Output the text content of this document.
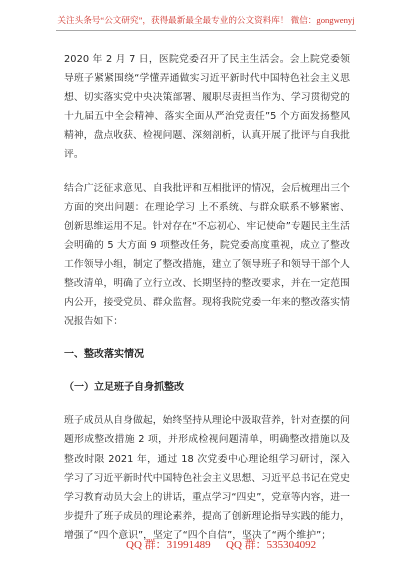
关注头条号“公文研究”，获得最新最全最专业的公文资料库！ 微信：gongwenyj

2020 年 2 月 7 日，医院党委召开了民主生活会。会上院党委领导班子紧紧围绕“学懂弄通做实习近平新时代中国特色社会主义思想、切实落实党中央决策部署、履职尽责担当作为、学习贯彻党的十九届五中全会精神、落实全面从严治党责任”5 个方面发扬整风精神，盘点收获、检视问题、深刻剖析，认真开展了批评与自我批评。

结合广泛征求意见、自我批评和互相批评的情况，会后梳理出三个方面的突出问题：在理论学习 上不系统、与群众联系不够紧密、创新思维运用不足。针对存在“不忘初心、牢记使命”专题民主生活会明确的 5 大方面 9 项整改任务，院党委高度重视，成立了整改工作领导小组，制定了整改措施，建立了领导班子和领导干部个人整改清单，明确了立行立改、长期坚持的整改要求，并在一定范围内公开，接受党员、群众监督。现将我院党委一年来的整改落实情况报告如下：

一、整改落实情况
（一）立足班子自身抓整改

班子成员从自身做起，始终坚持从理论中汲取营养，针对查摆的问题形成整改措施 2 项，并形成检视问题清单，明确整改措施以及整改时限 2021 年，通过 18 次党委中心理论组学习研讨，深入学习了习近平新时代中国特色社会主义思想、习近平总书记在党史学习教育动员大会上的讲话，重点学习“四史”，党章等内容，进一步提升了班子成员的理论素养，提高了创新理论指导实践的能力，增强了“四个意识”，坚定了“四个自信”，坚决了“两个维护”；

QQ 群：31991489 QQ 群：535304092
